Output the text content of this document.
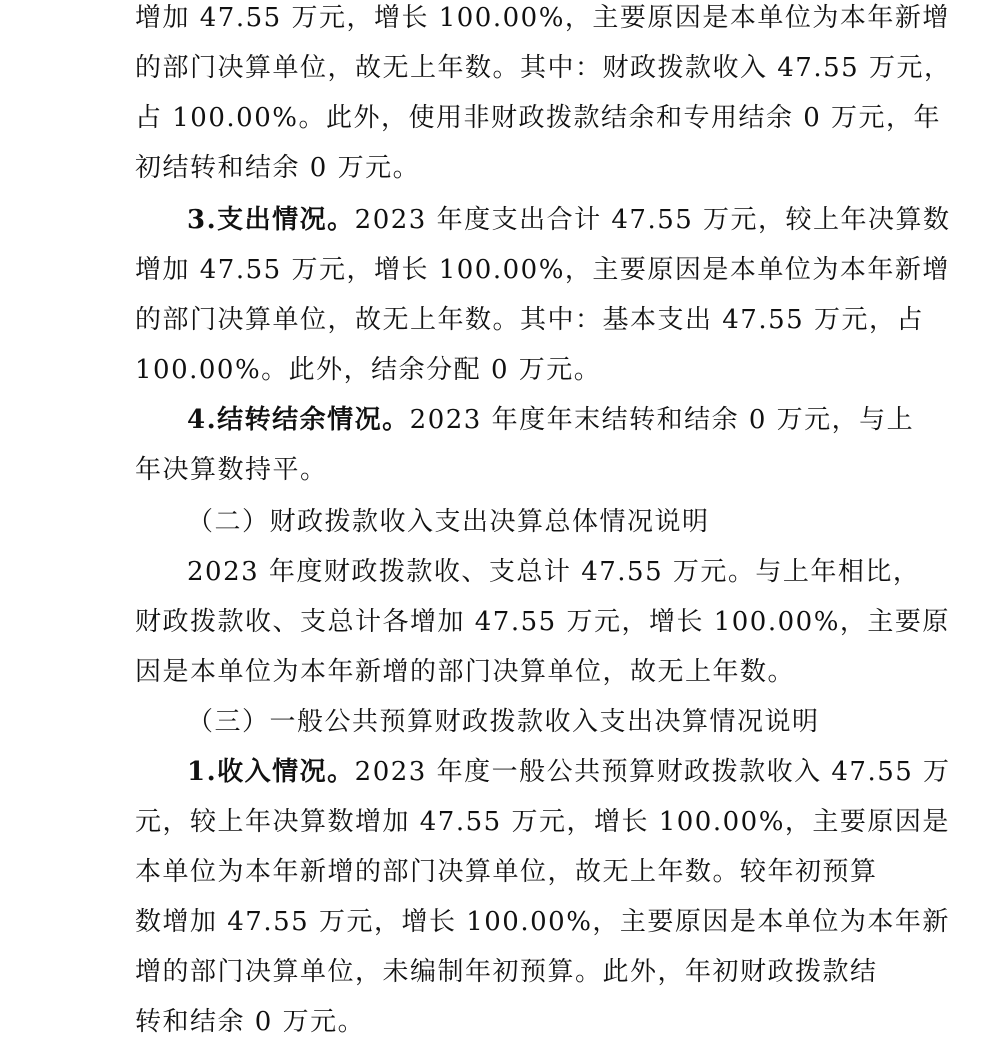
增加 47.55 万元，增长 100.00%，主要原因是本单位为本年新增
的部门决算单位，故无上年数。其中：财政拨款收入 47.55 万元，
占 100.00%。此外，使用非财政拨款结余和专用结余 0 万元，年
初结转和结余 0 万元。
3.支出情况。2023 年度支出合计 47.55 万元，较上年决算数
增加 47.55 万元，增长 100.00%，主要原因是本单位为本年新增
的部门决算单位，故无上年数。其中：基本支出 47.55 万元，占
100.00%。此外，结余分配 0 万元。
4.结转结余情况。2023 年度年末结转和结余 0 万元，与上
年决算数持平。
（二）财政拨款收入支出决算总体情况说明
2023 年度财政拨款收、支总计 47.55 万元。与上年相比，
财政拨款收、支总计各增加 47.55 万元，增长 100.00%，主要原
因是本单位为本年新增的部门决算单位，故无上年数。
（三）一般公共预算财政拨款收入支出决算情况说明
1.收入情况。2023 年度一般公共预算财政拨款收入 47.55 万
元，较上年决算数增加 47.55 万元，增长 100.00%，主要原因是
本单位为本年新增的部门决算单位，故无上年数。较年初预算
数增加 47.55 万元，增长 100.00%，主要原因是本单位为本年新
增的部门决算单位，未编制年初预算。此外，年初财政拨款结
转和结余 0 万元。
